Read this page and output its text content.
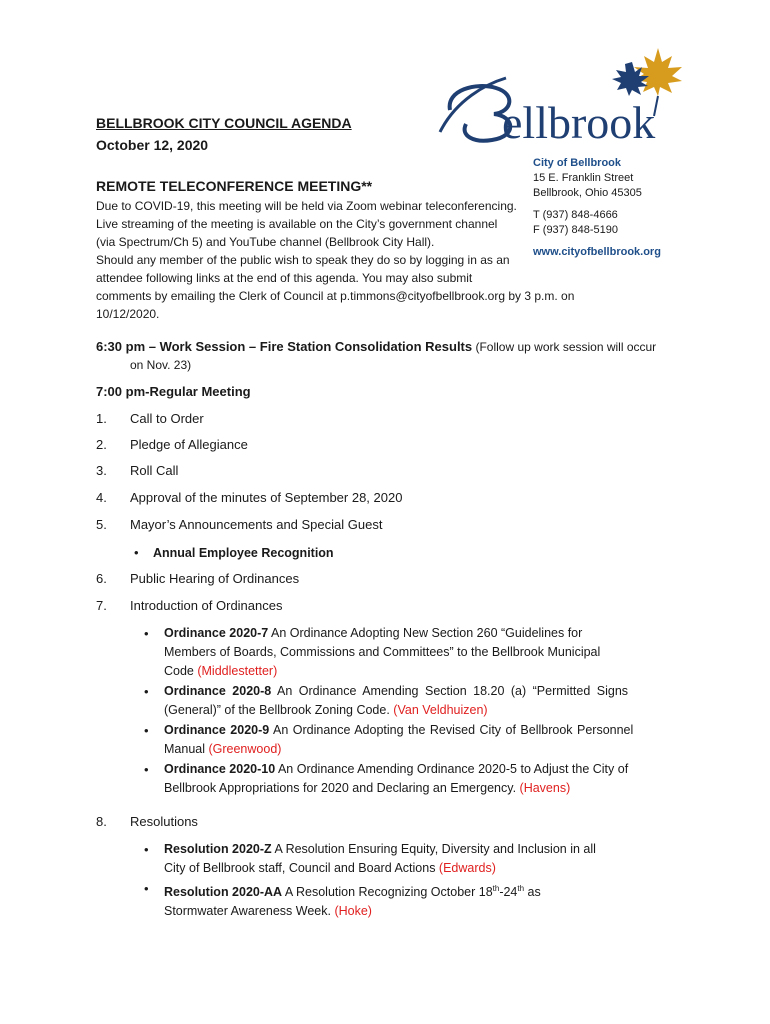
BELLBROOK CITY COUNCIL AGENDA
October 12, 2020	ellbrook
City of Bellbrook
15 E. Franklin Street
Bellbrook, Ohio 45305
T (937) 848-4666
F (937) 848-5190
www.cityofbellbrook.org
REMOTE TELECONFERENCE MEETING**
Due to COVID-19, this meeting will be held via Zoom webinar teleconferencing.
Live streaming of the meeting is available on the City’s government channel
(via Spectrum/Ch 5) and YouTube channel (Bellbrook City Hall).
Should any member of the public wish to speak they do so by logging in as an
attendee following links at the end of this agenda. You may also submit
comments by emailing the Clerk of Council at p.timmons@cityofbellbrook.org by 3 p.m. on
10/12/2020.
6:30 pm – Work Session – Fire Station Consolidation Results (Follow up work session will occur
on Nov. 23)
7:00 pm-Regular Meeting
1. Call to Order
2. Pledge of Allegiance
3. Roll Call
4. Approval of the minutes of September 28, 2020
5. Mayor’s Announcements and Special Guest
• Annual Employee Recognition
6. Public Hearing of Ordinances
7. Introduction of Ordinances
• Ordinance 2020-7 An Ordinance Adopting New Section 260 “Guidelines for
Members of Boards, Commissions and Committees” to the Bellbrook Municipal
Code (Middlestetter)
• Ordinance 2020-8 An Ordinance Amending Section 18.20 (a) “Permitted Signs
(General)” of the Bellbrook Zoning Code. (Van Veldhuizen)
• Ordinance 2020-9 An Ordinance Adopting the Revised City of Bellbrook Personnel
Manual (Greenwood)
• Ordinance 2020-10 An Ordinance Amending Ordinance 2020-5 to Adjust the City of
Bellbrook Appropriations for 2020 and Declaring an Emergency. (Havens)
8. Resolutions
• Resolution 2020-Z A Resolution Ensuring Equity, Diversity and Inclusion in all
City of Bellbrook staff, Council and Board Actions (Edwards)
• Resolution 2020-AA A Resolution Recognizing October 18th-24th as
Stormwater Awareness Week. (Hoke)
